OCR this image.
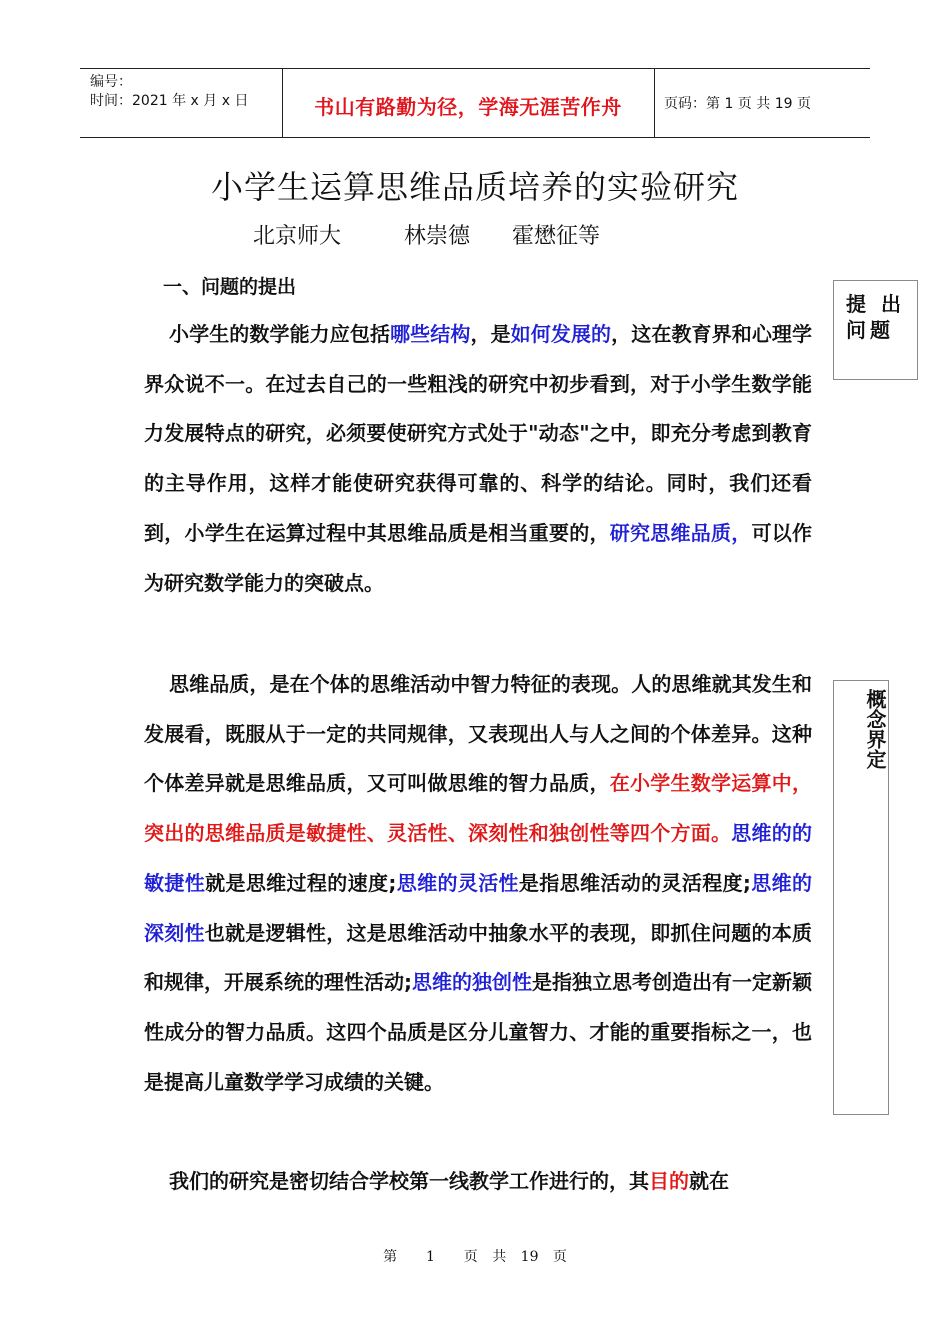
编号：
时间：2021 年 x 月 x 日	书山有路勤为径，学海无涯苦作舟	页码：第 1 页 共 19 页
小学生运算思维品质培养的实验研究
北京师大   林崇德  霍懋征等
一、问题的提出
提 出 问题
概念界定

小学生的数学能力应包括哪些结构，是如何发展的，这在教育界和心理学界众说不一。在过去自己的一些粗浅的研究中初步看到，对于小学生数学能力发展特点的研究，必须要使研究方式处于"动态"之中，即充分考虑到教育的主导作用，这样才能使研究获得可靠的、科学的结论。同时，我们还看到，小学生在运算过程中其思维品质是相当重要的，研究思维品质，可以作为研究数学能力的突破点。

思维品质，是在个体的思维活动中智力特征的表现。人的思维就其发生和发展看，既服从于一定的共同规律，又表现出人与人之间的个体差异。这种个体差异就是思维品质，又可叫做思维的智力品质，在小学生数学运算中，突出的思维品质是敏捷性、灵活性、深刻性和独创性等四个方面。思维的的敏捷性就是思维过程的速度;思维的灵活性是指思维活动的灵活程度;思维的深刻性也就是逻辑性，这是思维活动中抽象水平的表现，即抓住问题的本质和规律，开展系统的理性活动;思维的独创性是指独立思考创造出有一定新颖性成分的智力品质。这四个品质是区分儿童智力、才能的重要指标之一，也是提高儿童数学学习成绩的关键。

我们的研究是密切结合学校第一线教学工作进行的，其目的就在

第  1  页 共 19 页
